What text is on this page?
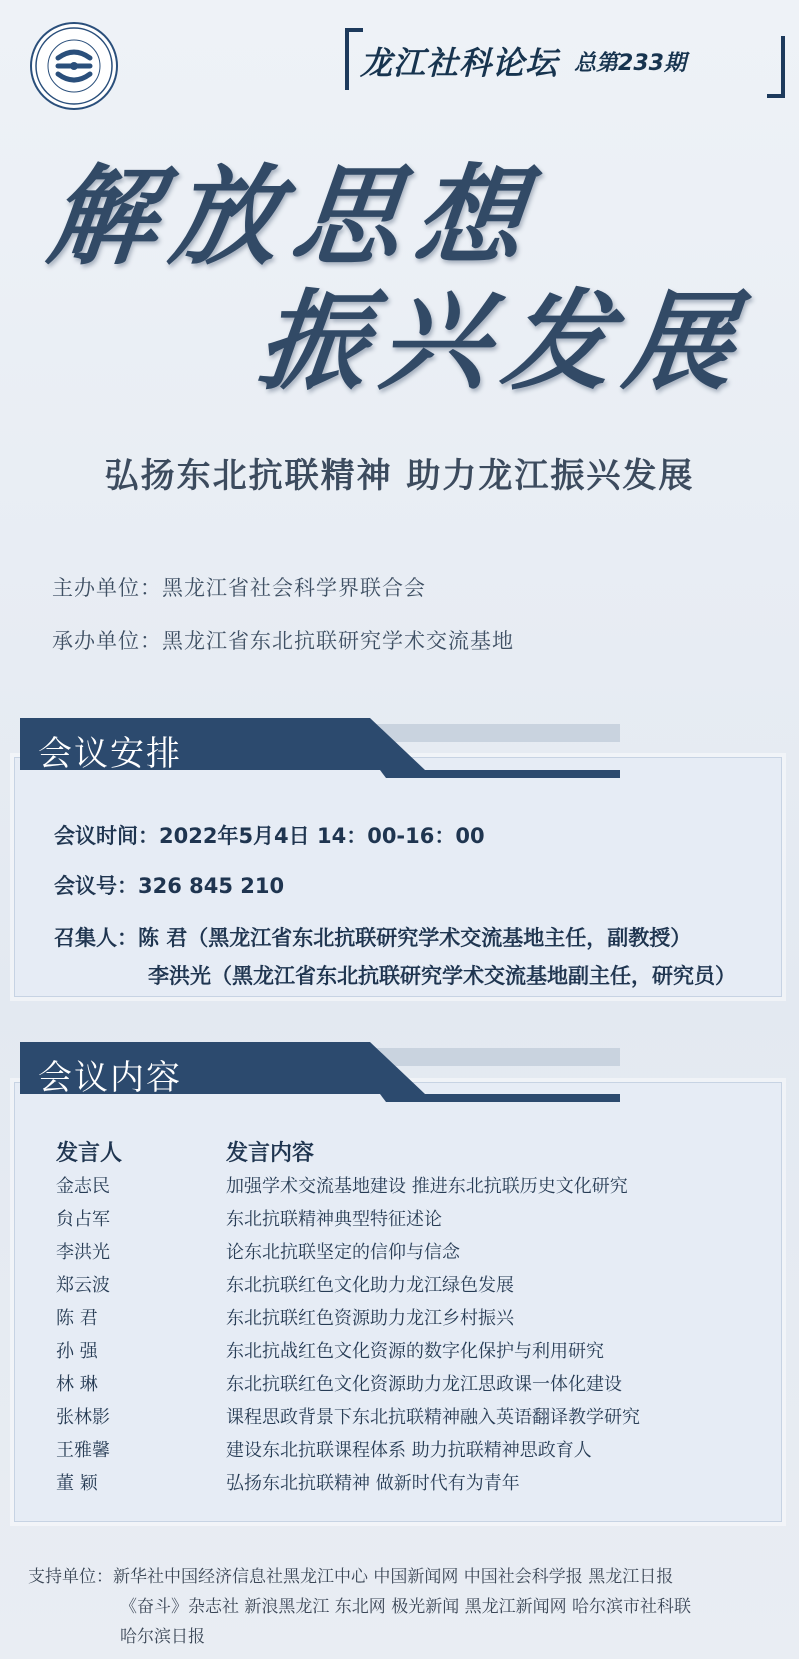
龙江社科论坛 总第233期
解放思想
振兴发展
弘扬东北抗联精神 助力龙江振兴发展
主办单位：黑龙江省社会科学界联合会
承办单位：黑龙江省东北抗联研究学术交流基地
会议安排
会议时间：2022年5月4日 14：00-16：00
会议号：326 845 210
召集人：陈 君（黑龙江省东北抗联研究学术交流基地主任，副教授）
李洪光（黑龙江省东北抗联研究学术交流基地副主任，研究员）
会议内容
发言人	发言内容
金志民	加强学术交流基地建设 推进东北抗联历史文化研究
贠占军	东北抗联精神典型特征述论
李洪光	论东北抗联坚定的信仰与信念
郑云波	东北抗联红色文化助力龙江绿色发展
陈 君	东北抗联红色资源助力龙江乡村振兴
孙 强	东北抗战红色文化资源的数字化保护与利用研究
林 琳	东北抗联红色文化资源助力龙江思政课一体化建设
张林影	课程思政背景下东北抗联精神融入英语翻译教学研究
王雅馨	建设东北抗联课程体系 助力抗联精神思政育人
董 颖	弘扬东北抗联精神 做新时代有为青年
支持单位：新华社中国经济信息社黑龙江中心 中国新闻网 中国社会科学报 黑龙江日报
《奋斗》杂志社 新浪黑龙江 东北网 极光新闻 黑龙江新闻网 哈尔滨市社科联
哈尔滨日报
